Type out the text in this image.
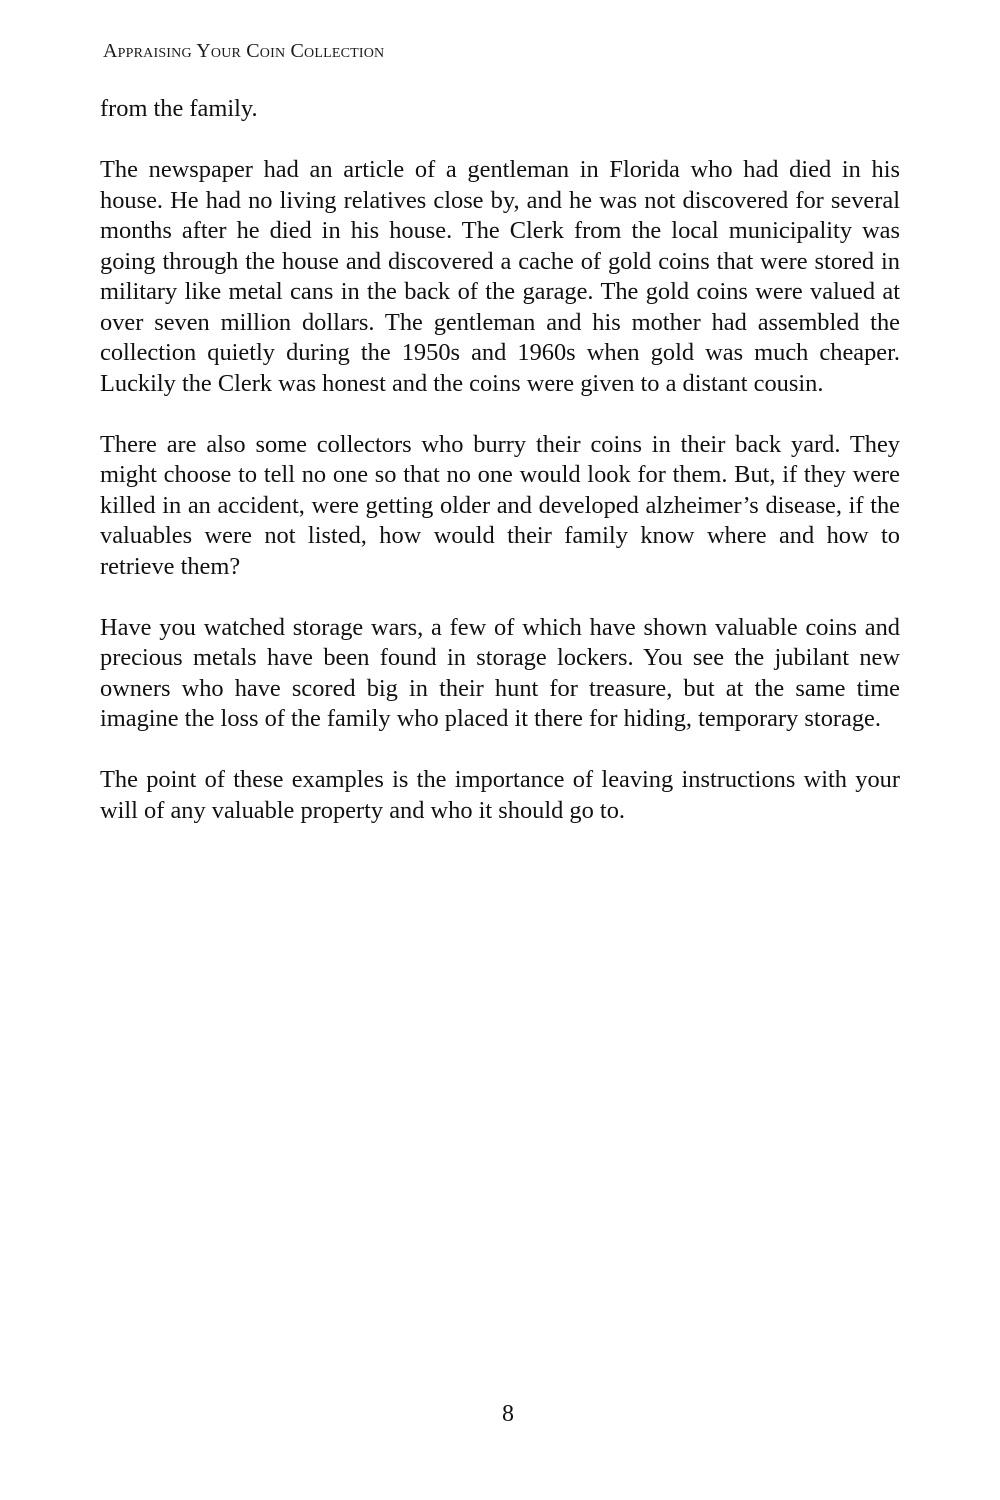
Appraising Your Coin Collection

from the family.

The newspaper had an article of a gentleman in Florida who had died in his house. He had no living relatives close by, and he was not discovered for several months after he died in his house. The Clerk from the local municipality was going through the house and discovered a cache of gold coins that were stored in military like metal cans in the back of the garage. The gold coins were valued at over seven million dollars. The gentleman and his mother had assembled the collection quietly during the 1950s and 1960s when gold was much cheaper. Luckily the Clerk was honest and the coins were given to a distant cousin.

There are also some collectors who burry their coins in their back yard. They might choose to tell no one so that no one would look for them. But, if they were killed in an accident, were getting older and developed alzheimer’s disease, if the valuables were not listed, how would their family know where and how to retrieve them?

Have you watched storage wars, a few of which have shown valuable coins and precious metals have been found in storage lockers. You see the jubilant new owners who have scored big in their hunt for treasure, but at the same time imagine the loss of the family who placed it there for hiding, temporary storage.

The point of these examples is the importance of leaving instructions with your will of any valuable property and who it should go to.

8
